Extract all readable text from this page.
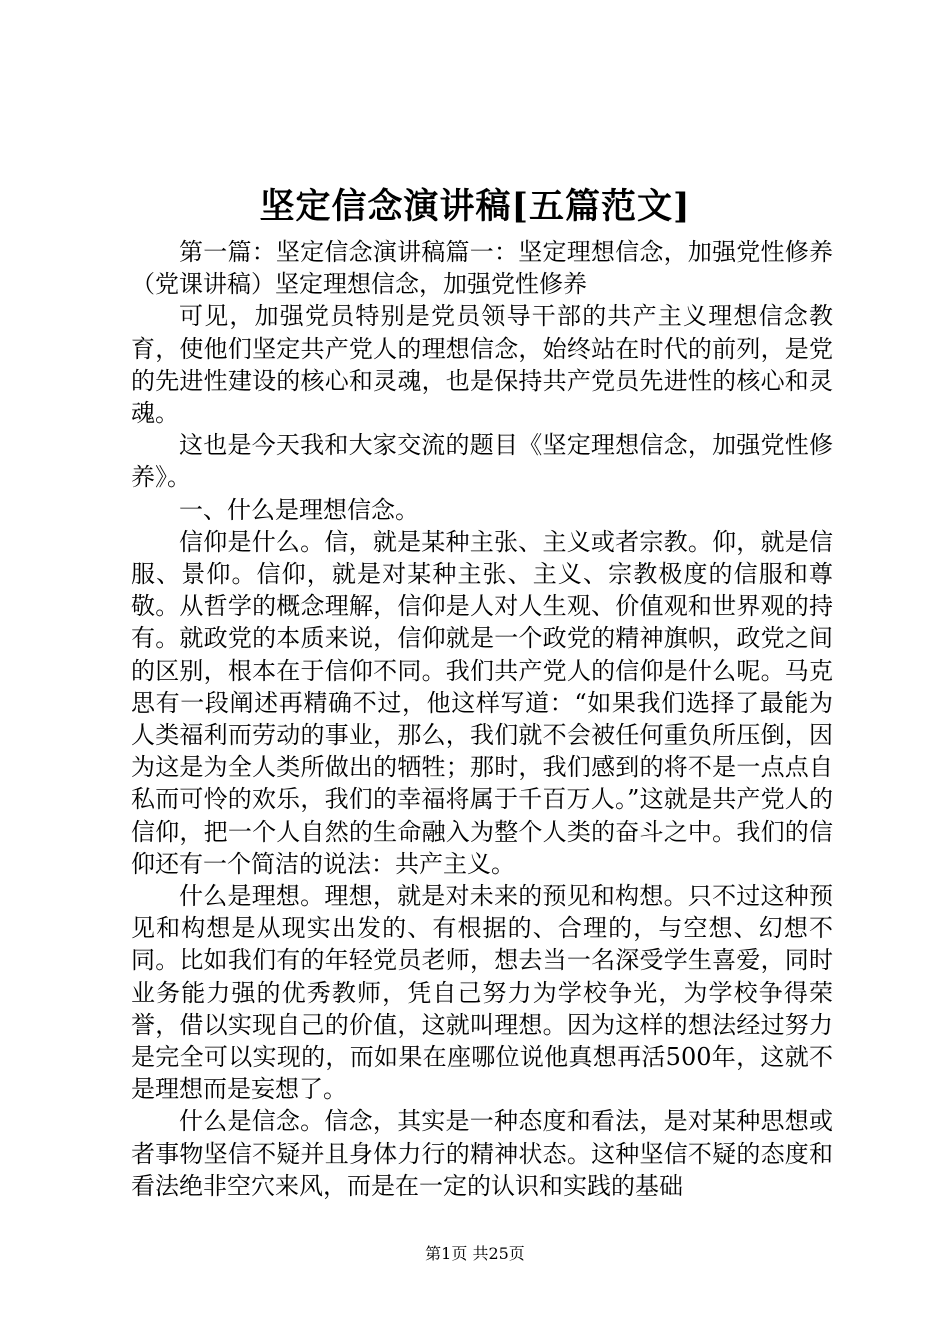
坚定信念演讲稿[五篇范文]

第一篇：坚定信念演讲稿篇一：坚定理想信念，加强党性修养（党课讲稿）坚定理想信念，加强党性修养

可见，加强党员特别是党员领导干部的共产主义理想信念教育，使他们坚定共产党人的理想信念，始终站在时代的前列，是党的先进性建设的核心和灵魂，也是保持共产党员先进性的核心和灵魂。

这也是今天我和大家交流的题目《坚定理想信念，加强党性修养》。

一、什么是理想信念。

信仰是什么。信，就是某种主张、主义或者宗教。仰，就是信服、景仰。信仰，就是对某种主张、主义、宗教极度的信服和尊敬。从哲学的概念理解，信仰是人对人生观、价值观和世界观的持有。就政党的本质来说，信仰就是一个政党的精神旗帜，政党之间的区别，根本在于信仰不同。我们共产党人的信仰是什么呢。马克思有一段阐述再精确不过，他这样写道：“如果我们选择了最能为人类福利而劳动的事业，那么，我们就不会被任何重负所压倒，因为这是为全人类所做出的牺牲；那时，我们感到的将不是一点点自私而可怜的欢乐，我们的幸福将属于千百万人。”这就是共产党人的信仰，把一个人自然的生命融入为整个人类的奋斗之中。我们的信仰还有一个简洁的说法：共产主义。

什么是理想。理想，就是对未来的预见和构想。只不过这种预见和构想是从现实出发的、有根据的、合理的，与空想、幻想不同。比如我们有的年轻党员老师，想去当一名深受学生喜爱，同时业务能力强的优秀教师，凭自己努力为学校争光，为学校争得荣誉，借以实现自己的价值，这就叫理想。因为这样的想法经过努力是完全可以实现的，而如果在座哪位说他真想再活500年，这就不是理想而是妄想了。

什么是信念。信念，其实是一种态度和看法，是对某种思想或者事物坚信不疑并且身体力行的精神状态。这种坚信不疑的态度和看法绝非空穴来风，而是在一定的认识和实践的基础

第1页 共25页
